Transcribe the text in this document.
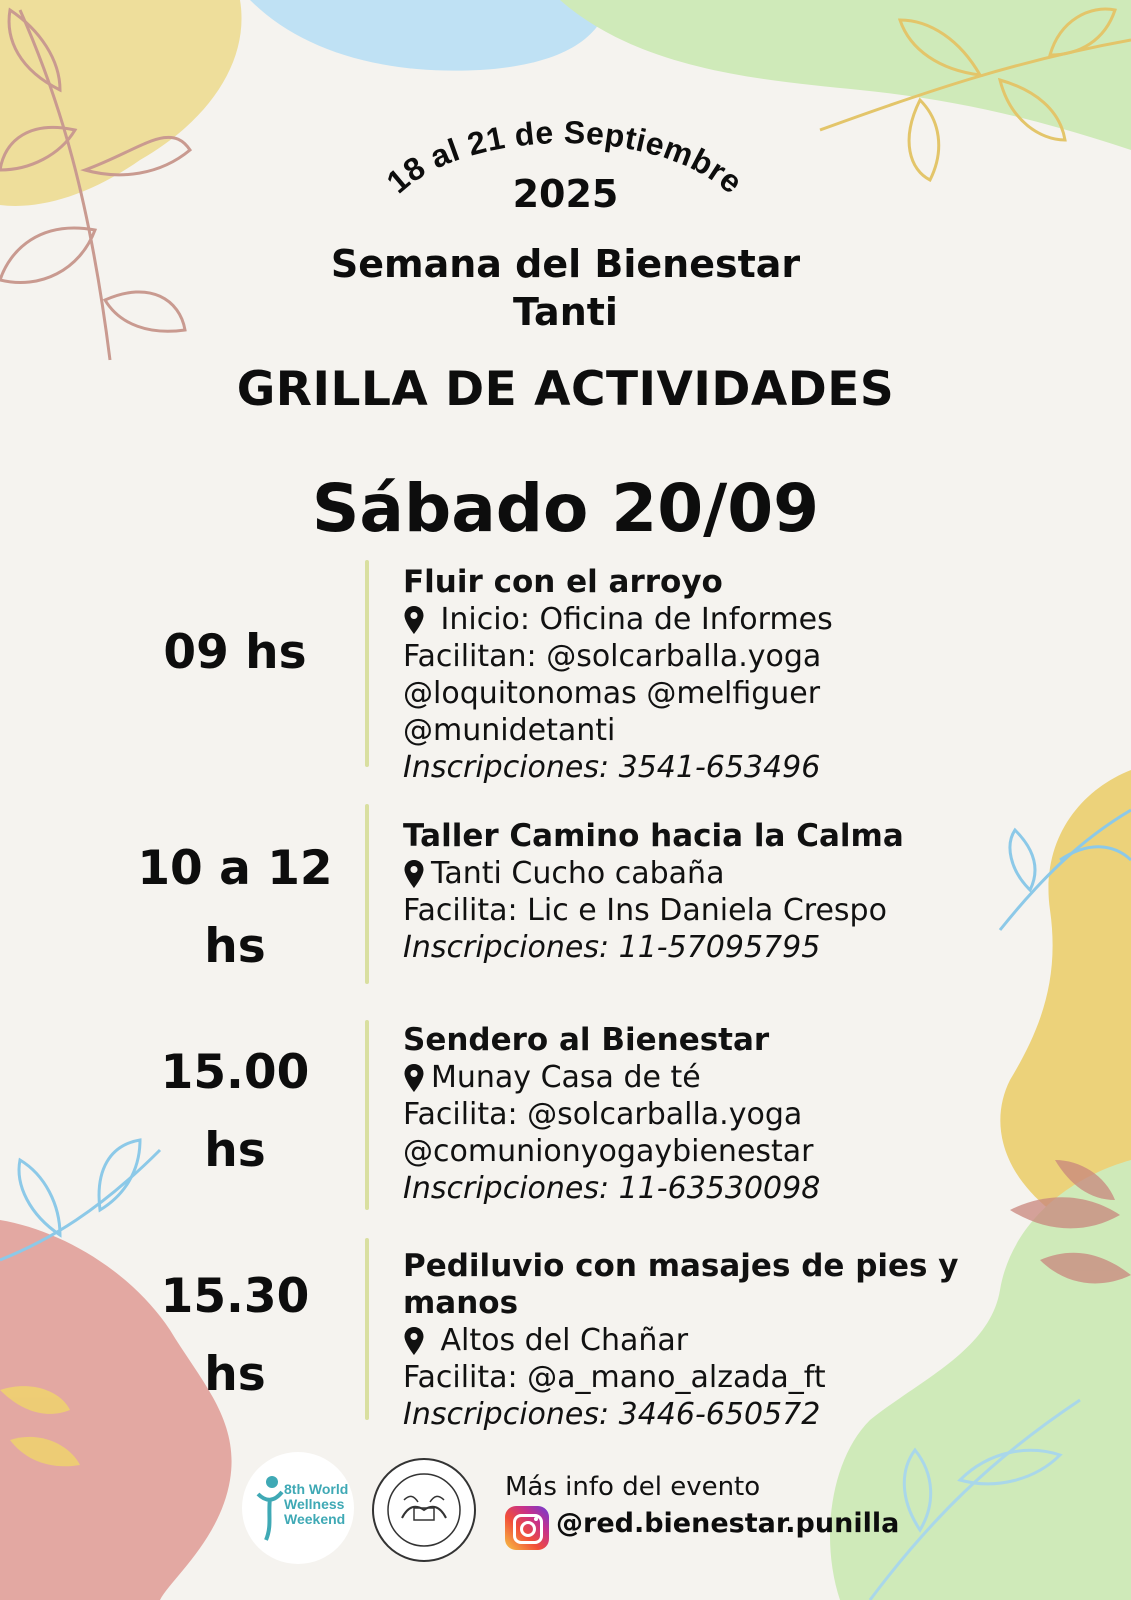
18 al 21 de Septiembre
2025
Semana del Bienestar
Tanti
GRILLA DE ACTIVIDADES
Sábado 20/09
09 hs
Fluir con el arroyo
Inicio: Oficina de Informes
Facilitan: @solcarballa.yoga
@loquitonomas @melfiguer
@munidetanti
Inscripciones: 3541-653496
10 a 12
hs
Taller Camino hacia la Calma
Tanti Cucho cabaña
Facilita: Lic e Ins Daniela Crespo
Inscripciones: 11-57095795
15.00
hs
Sendero al Bienestar
Munay Casa de té
Facilita: @solcarballa.yoga
@comunionyogaybienestar
Inscripciones: 11-63530098
15.30
hs
Pediluvio con masajes de pies y
manos
Altos del Chañar
Facilita: @a_mano_alzada_ft
Inscripciones: 3446-650572
8th World
Wellness
Weekend
Más info del evento
@red.bienestar.punilla
